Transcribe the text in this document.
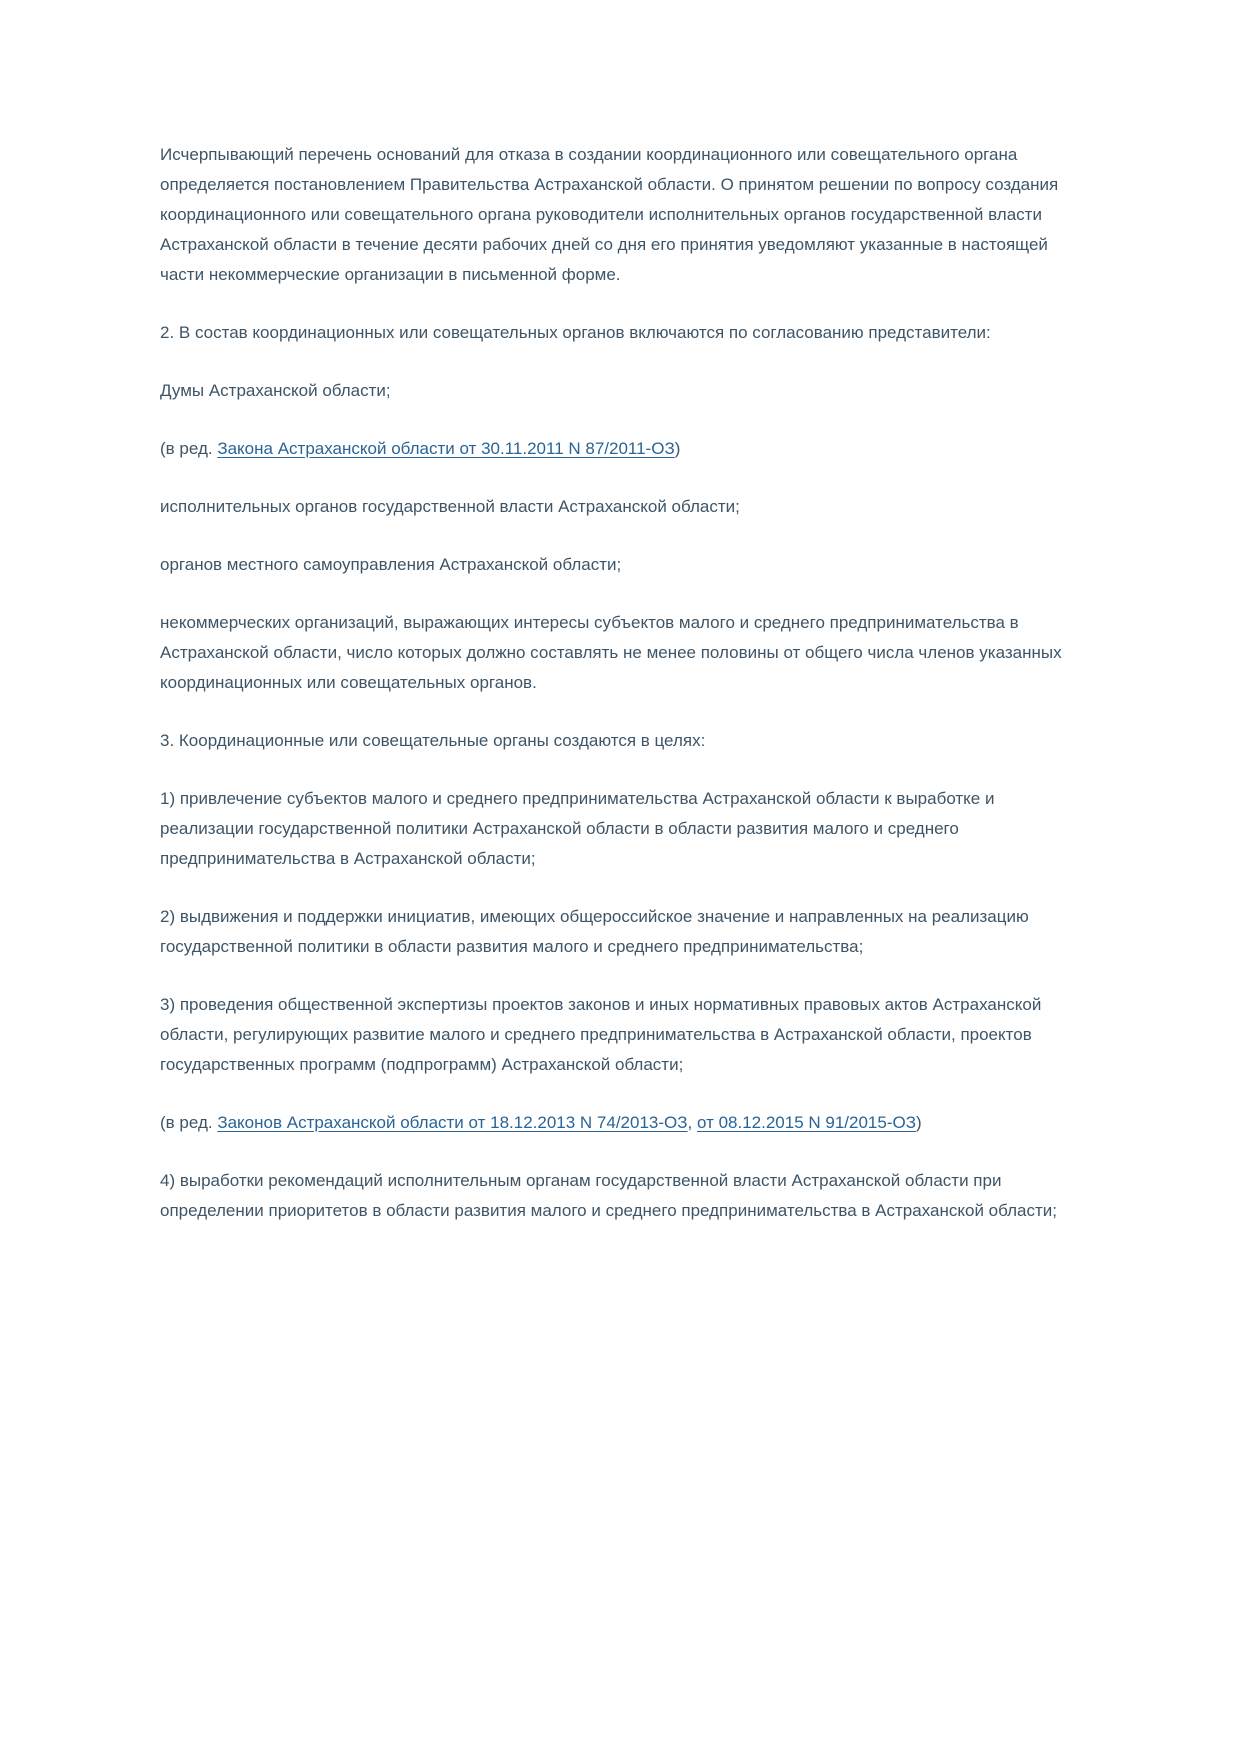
Исчерпывающий перечень оснований для отказа в создании координационного или совещательного органа определяется постановлением Правительства Астраханской области. О принятом решении по вопросу создания координационного или совещательного органа руководители исполнительных органов государственной власти Астраханской области в течение десяти рабочих дней со дня его принятия уведомляют указанные в настоящей части некоммерческие организации в письменной форме.

2. В состав координационных или совещательных органов включаются по согласованию представители:

Думы Астраханской области;

(в ред. Закона Астраханской области от 30.11.2011 N 87/2011-ОЗ)

исполнительных органов государственной власти Астраханской области;

органов местного самоуправления Астраханской области;

некоммерческих организаций, выражающих интересы субъектов малого и среднего предпринимательства в Астраханской области, число которых должно составлять не менее половины от общего числа членов указанных координационных или совещательных органов.

3. Координационные или совещательные органы создаются в целях:

1) привлечение субъектов малого и среднего предпринимательства Астраханской области к выработке и реализации государственной политики Астраханской области в области развития малого и среднего предпринимательства в Астраханской области;

2) выдвижения и поддержки инициатив, имеющих общероссийское значение и направленных на реализацию государственной политики в области развития малого и среднего предпринимательства;

3) проведения общественной экспертизы проектов законов и иных нормативных правовых актов Астраханской области, регулирующих развитие малого и среднего предпринимательства в Астраханской области, проектов государственных программ (подпрограмм) Астраханской области;

(в ред. Законов Астраханской области от 18.12.2013 N 74/2013-ОЗ, от 08.12.2015 N 91/2015-ОЗ)

4) выработки рекомендаций исполнительным органам государственной власти Астраханской области при определении приоритетов в области развития малого и среднего предпринимательства в Астраханской области;
